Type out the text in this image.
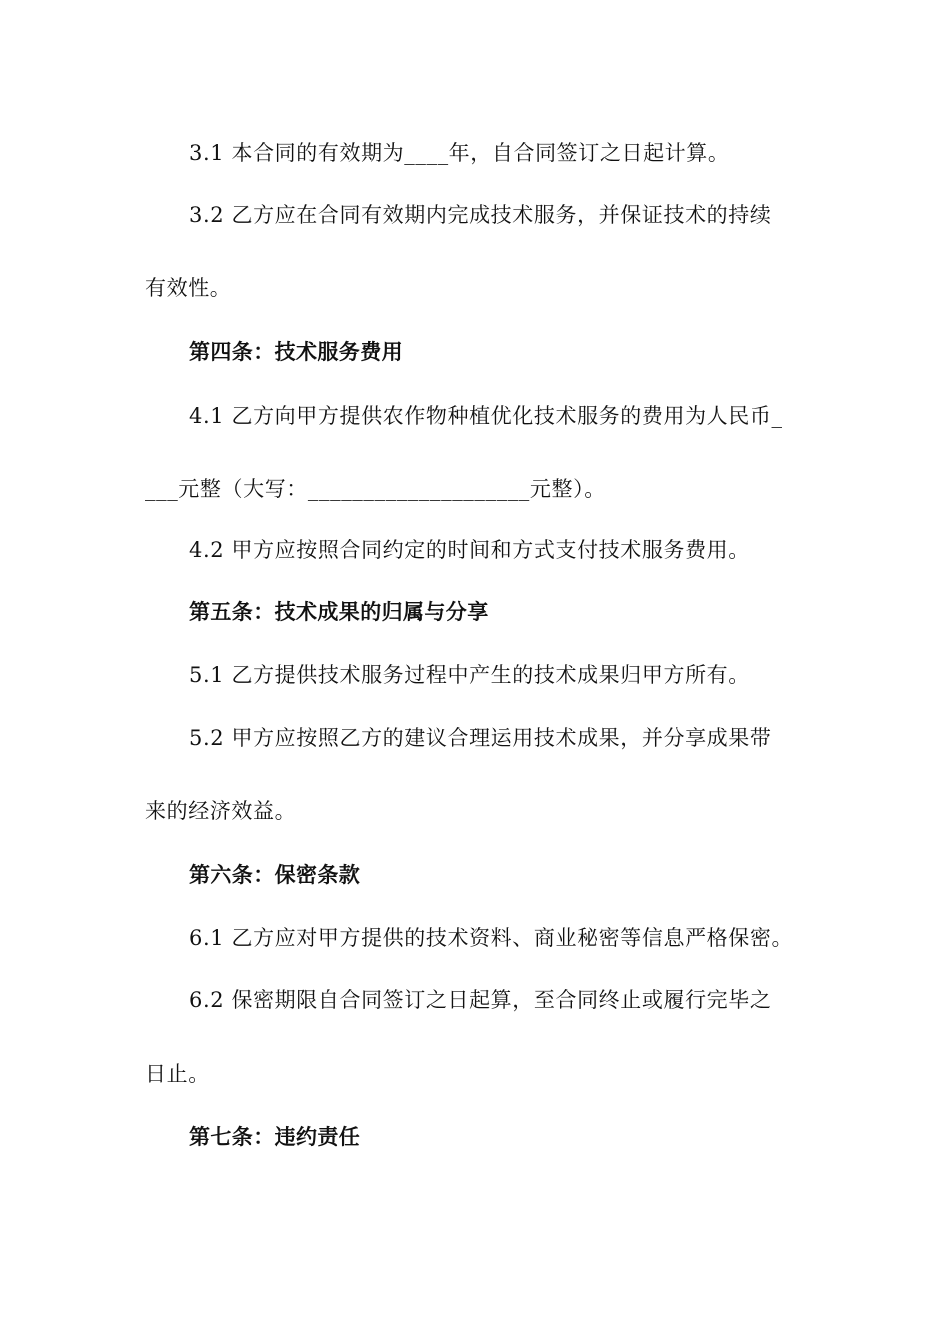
3.1 本合同的有效期为____年，自合同签订之日起计算。

3.2 乙方应在合同有效期内完成技术服务，并保证技术的持续

有效性。

第四条：技术服务费用

4.1 乙方向甲方提供农作物种植优化技术服务的费用为人民币_

___元整（大写：____________________元整）。

4.2 甲方应按照合同约定的时间和方式支付技术服务费用。

第五条：技术成果的归属与分享

5.1 乙方提供技术服务过程中产生的技术成果归甲方所有。

5.2 甲方应按照乙方的建议合理运用技术成果，并分享成果带

来的经济效益。

第六条：保密条款

6.1 乙方应对甲方提供的技术资料、商业秘密等信息严格保密。

6.2 保密期限自合同签订之日起算，至合同终止或履行完毕之

日止。

第七条：违约责任
